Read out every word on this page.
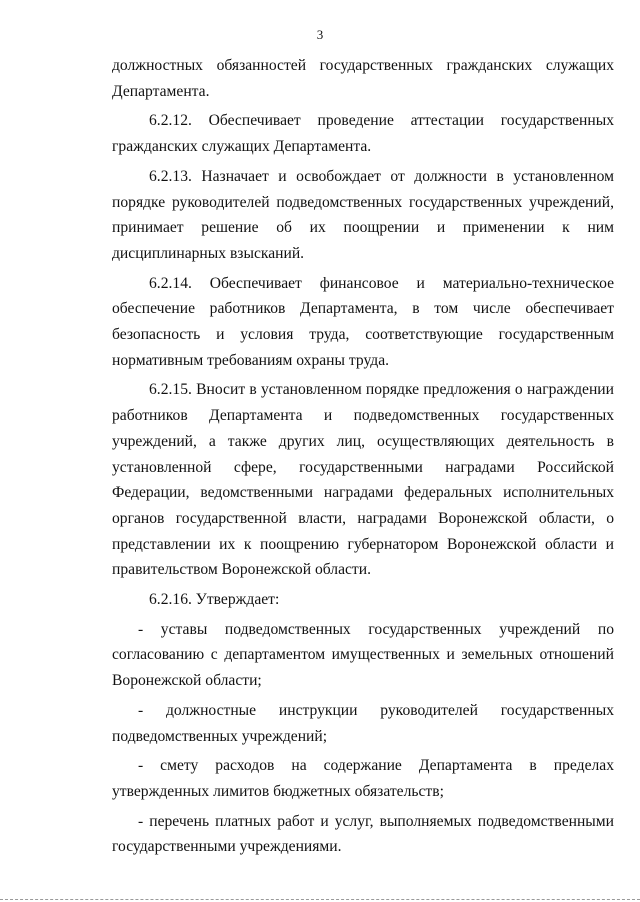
3

должностных обязанностей государственных гражданских служащих Департамента.

6.2.12. Обеспечивает проведение аттестации государственных гражданских служащих Департамента.

6.2.13. Назначает и освобождает от должности в установленном порядке руководителей подведомственных государственных учреждений, принимает решение об их поощрении и применении к ним дисциплинарных взысканий.

6.2.14. Обеспечивает финансовое и материально-техническое обеспечение работников Департамента, в том числе обеспечивает безопасность и условия труда, соответствующие государственным нормативным требованиям охраны труда.

6.2.15. Вносит в установленном порядке предложения о награждении работников Департамента и подведомственных государственных учреждений, а также других лиц, осуществляющих деятельность в установленной сфере, государственными наградами Российской Федерации, ведомственными наградами федеральных исполнительных органов государственной власти, наградами Воронежской области, о представлении их к поощрению губернатором Воронежской области и правительством Воронежской области.

6.2.16. Утверждает:

- уставы подведомственных государственных учреждений по согласованию с департаментом имущественных и земельных отношений Воронежской области;

- должностные инструкции руководителей государственных подведомственных учреждений;

- смету расходов на содержание Департамента в пределах утвержденных лимитов бюджетных обязательств;

- перечень платных работ и услуг, выполняемых подведомственными государственными учреждениями.
